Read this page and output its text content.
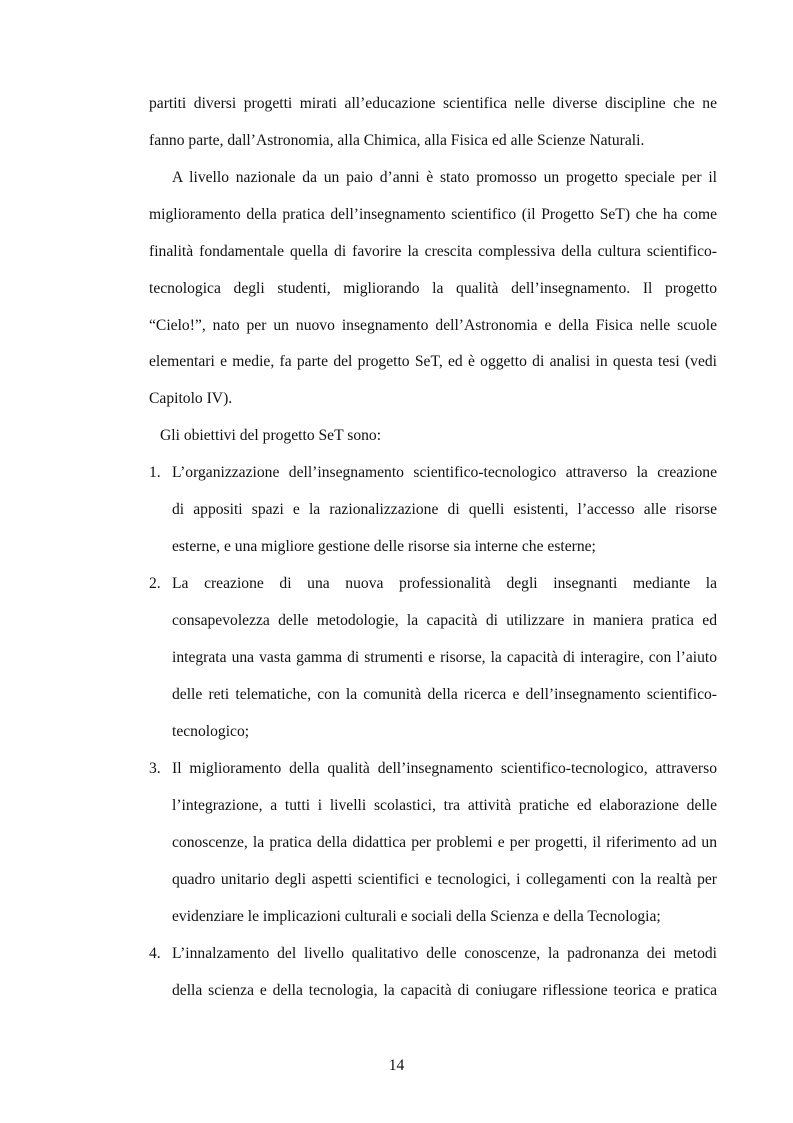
partiti diversi progetti mirati all’educazione scientifica nelle diverse discipline che ne
fanno parte, dall’Astronomia, alla Chimica, alla Fisica ed alle Scienze Naturali.
A livello nazionale da un paio d’anni è stato promosso un progetto speciale per il
miglioramento della pratica dell’insegnamento scientifico (il Progetto SeT) che ha come
finalità fondamentale quella di favorire la crescita complessiva della cultura scientifico-
tecnologica degli studenti, migliorando la qualità dell’insegnamento. Il progetto
“Cielo!”, nato per un nuovo insegnamento dell’Astronomia e della Fisica nelle scuole
elementari e medie, fa parte del progetto SeT, ed è oggetto di analisi in questa tesi (vedi
Capitolo IV).
Gli obiettivi del progetto SeT sono:
1. L’organizzazione dell’insegnamento scientifico-tecnologico attraverso la creazione
di appositi spazi e la razionalizzazione di quelli esistenti, l’accesso alle risorse
esterne, e una migliore gestione delle risorse sia interne che esterne;
2. La creazione di una nuova professionalità degli insegnanti mediante la
consapevolezza delle metodologie, la capacità di utilizzare in maniera pratica ed
integrata una vasta gamma di strumenti e risorse, la capacità di interagire, con l’aiuto
delle reti telematiche, con la comunità della ricerca e dell’insegnamento scientifico-
tecnologico;
3. Il miglioramento della qualità dell’insegnamento scientifico-tecnologico, attraverso
l’integrazione, a tutti i livelli scolastici, tra attività pratiche ed elaborazione delle
conoscenze, la pratica della didattica per problemi e per progetti, il riferimento ad un
quadro unitario degli aspetti scientifici e tecnologici, i collegamenti con la realtà per
evidenziare le implicazioni culturali e sociali della Scienza e della Tecnologia;
4. L’innalzamento del livello qualitativo delle conoscenze, la padronanza dei metodi
della scienza e della tecnologia, la capacità di coniugare riflessione teorica e pratica
14
